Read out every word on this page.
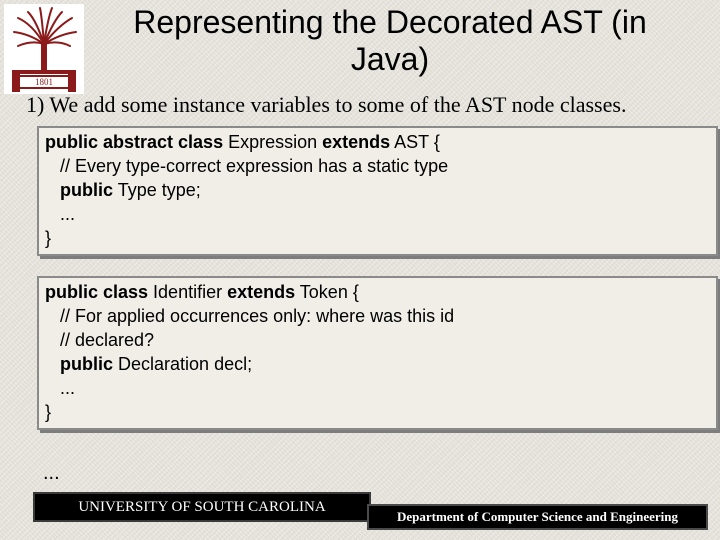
1801
Representing the Decorated AST (in Java)
1) We add some instance variables to some of the AST node classes.
public abstract class Expression extends AST {
// Every type-correct expression has a static type
public Type type;
...
}
public class Identifier extends Token {
// For applied occurrences only: where was this id
// declared?
public Declaration decl;
...
}
...
UNIVERSITY OF SOUTH CAROLINA
Department of Computer Science and Engineering
